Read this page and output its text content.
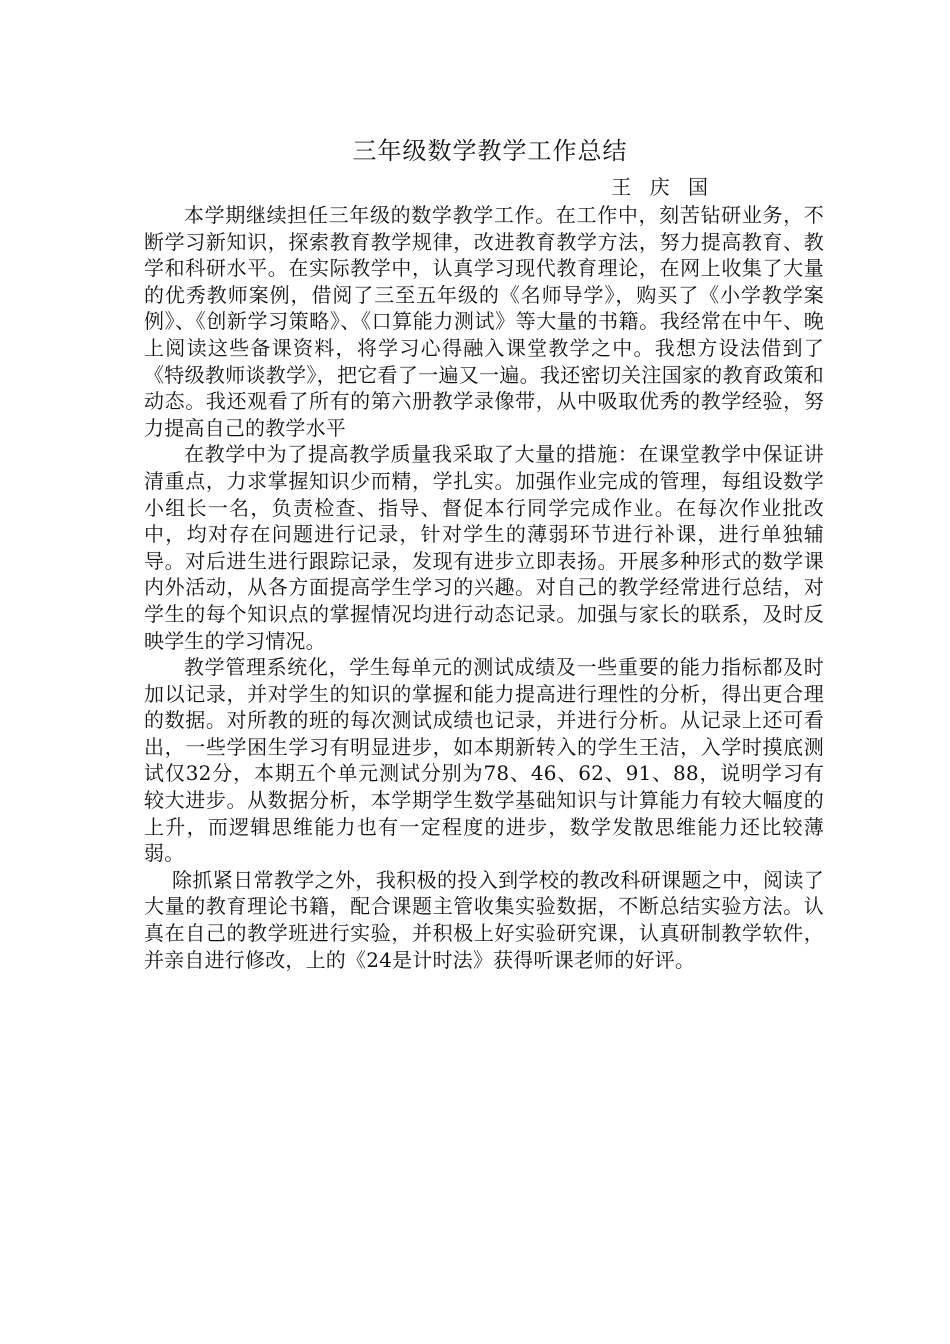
三年级数学教学工作总结
王 庆 国

本学期继续担任三年级的数学教学工作。在工作中，刻苦钻研业务，不断学习新知识，探索教育教学规律，改进教育教学方法，努力提高教育、教学和科研水平。在实际教学中，认真学习现代教育理论，在网上收集了大量的优秀教师案例，借阅了三至五年级的《名师导学》，购买了《小学教学案例》、《创新学习策略》、《口算能力测试》等大量的书籍。我经常在中午、晚上阅读这些备课资料，将学习心得融入课堂教学之中。我想方设法借到了《特级教师谈教学》，把它看了一遍又一遍。我还密切关注国家的教育政策和动态。我还观看了所有的第六册教学录像带，从中吸取优秀的教学经验，努力提高自己的教学水平

在教学中为了提高教学质量我采取了大量的措施：在课堂教学中保证讲清重点，力求掌握知识少而精，学扎实。加强作业完成的管理，每组设数学小组长一名，负责检查、指导、督促本行同学完成作业。在每次作业批改中，均对存在问题进行记录，针对学生的薄弱环节进行补课，进行单独辅导。对后进生进行跟踪记录，发现有进步立即表扬。开展多种形式的数学课内外活动，从各方面提高学生学习的兴趣。对自己的教学经常进行总结，对学生的每个知识点的掌握情况均进行动态记录。加强与家长的联系，及时反映学生的学习情况。

教学管理系统化，学生每单元的测试成绩及一些重要的能力指标都及时加以记录，并对学生的知识的掌握和能力提高进行理性的分析，得出更合理的数据。对所教的班的每次测试成绩也记录，并进行分析。从记录上还可看出，一些学困生学习有明显进步，如本期新转入的学生王洁，入学时摸底测试仅32分，本期五个单元测试分别为78、46、62、91、88，说明学习有较大进步。从数据分析，本学期学生数学基础知识与计算能力有较大幅度的上升，而逻辑思维能力也有一定程度的进步，数学发散思维能力还比较薄弱。

除抓紧日常教学之外，我积极的投入到学校的教改科研课题之中，阅读了大量的教育理论书籍，配合课题主管收集实验数据，不断总结实验方法。认真在自己的教学班进行实验，并积极上好实验研究课，认真研制教学软件，并亲自进行修改，上的《24是计时法》获得听课老师的好评。
